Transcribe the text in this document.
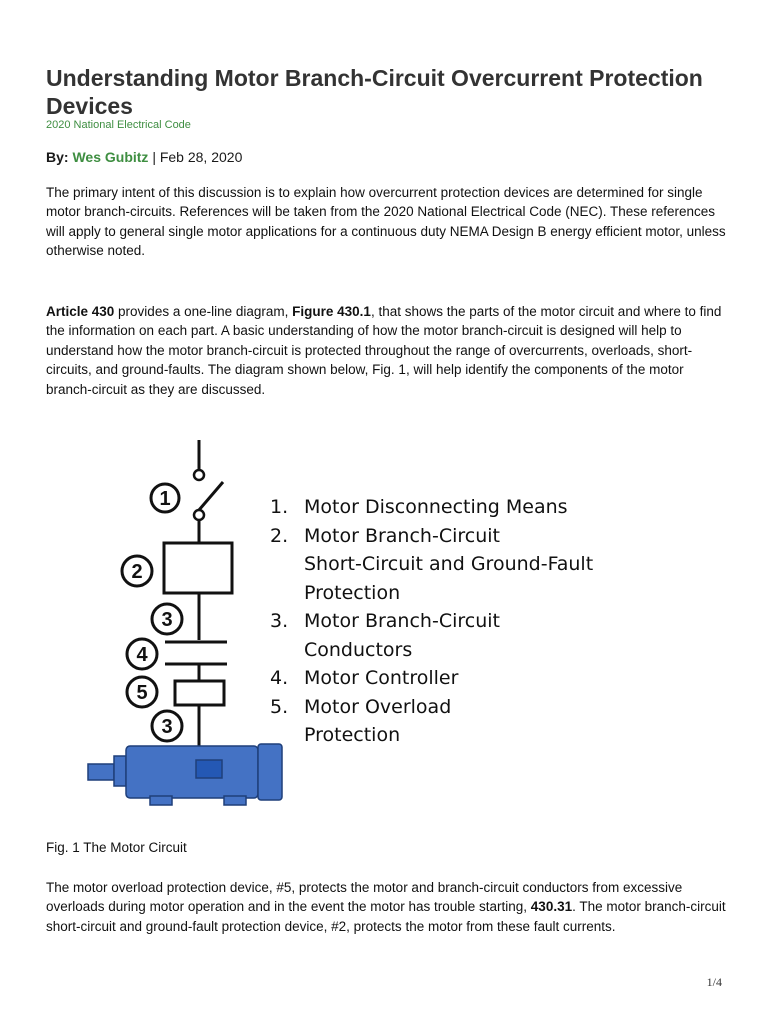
Understanding Motor Branch-Circuit Overcurrent Protection Devices
2020 National Electrical Code
By: Wes Gubitz | Feb 28, 2020

The primary intent of this discussion is to explain how overcurrent protection devices are determined for single motor branch-circuits. References will be taken from the 2020 National Electrical Code (NEC). These references will apply to general single motor applications for a continuous duty NEMA Design B energy efficient motor, unless otherwise noted.

Article 430 provides a one-line diagram, Figure 430.1, that shows the parts of the motor circuit and where to find the information on each part. A basic understanding of how the motor branch-circuit is designed will help to understand how the motor branch-circuit is protected throughout the range of overcurrents, overloads, short-circuits, and ground-faults. The diagram shown below, Fig. 1, will help identify the components of the motor branch-circuit as they are discussed.

1
2
3
4
5
3
1. Motor Disconnecting Means
2. Motor Branch-Circuit
Short-Circuit and Ground-Fault
Protection
3. Motor Branch-Circuit
Conductors
4. Motor Controller
5. Motor Overload
Protection
Fig. 1 The Motor Circuit

The motor overload protection device, #5, protects the motor and branch-circuit conductors from excessive overloads during motor operation and in the event the motor has trouble starting, 430.31. The motor branch-circuit short-circuit and ground-fault protection device, #2, protects the motor from these fault currents.

1/4
